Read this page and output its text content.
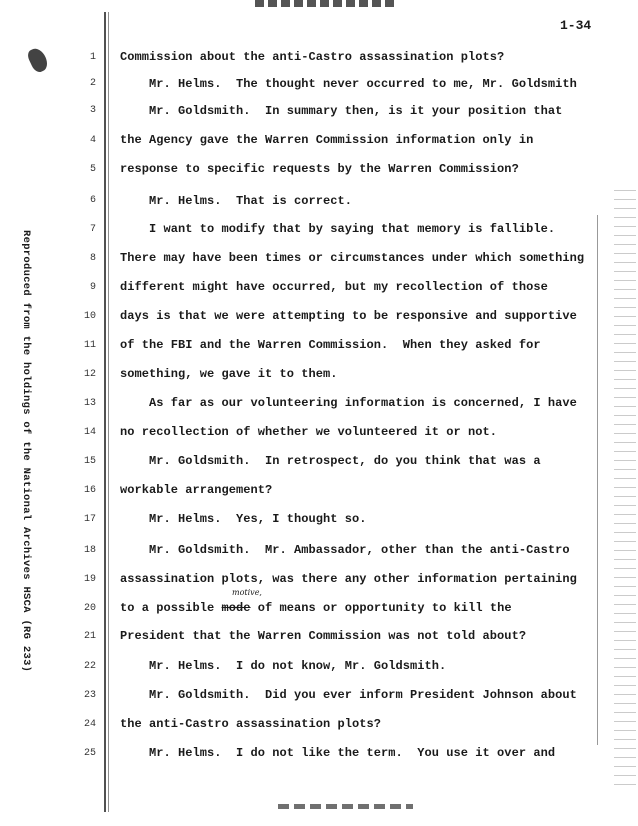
1-34
Reproduced from the holdings of the National Archives HSCA (RG 233)
1
2
3
4
5
6
7
8
9
10
11
12
13
14
15
16
17
18
19
20
21
22
23
24
25
Commission about the anti-Castro assassination plots?
Mr. Helms.  The thought never occurred to me, Mr. Goldsmith
Mr. Goldsmith.  In summary then, is it your position that
the Agency gave the Warren Commission information only in
response to specific requests by the Warren Commission?
Mr. Helms.  That is correct.
I want to modify that by saying that memory is fallible.
There may have been times or circumstances under which something
different might have occurred, but my recollection of those
days is that we were attempting to be responsive and supportive
of the FBI and the Warren Commission.  When they asked for
something, we gave it to them.
As far as our volunteering information is concerned, I have
no recollection of whether we volunteered it or not.
Mr. Goldsmith.  In retrospect, do you think that was a
workable arrangement?
Mr. Helms.  Yes, I thought so.
Mr. Goldsmith.  Mr. Ambassador, other than the anti-Castro
assassination plots, was there any other information pertaining
motive,
to a possible mode of means or opportunity to kill the
President that the Warren Commission was not told about?
Mr. Helms.  I do not know, Mr. Goldsmith.
Mr. Goldsmith.  Did you ever inform President Johnson about
the anti-Castro assassination plots?
Mr. Helms.  I do not like the term.  You use it over and
